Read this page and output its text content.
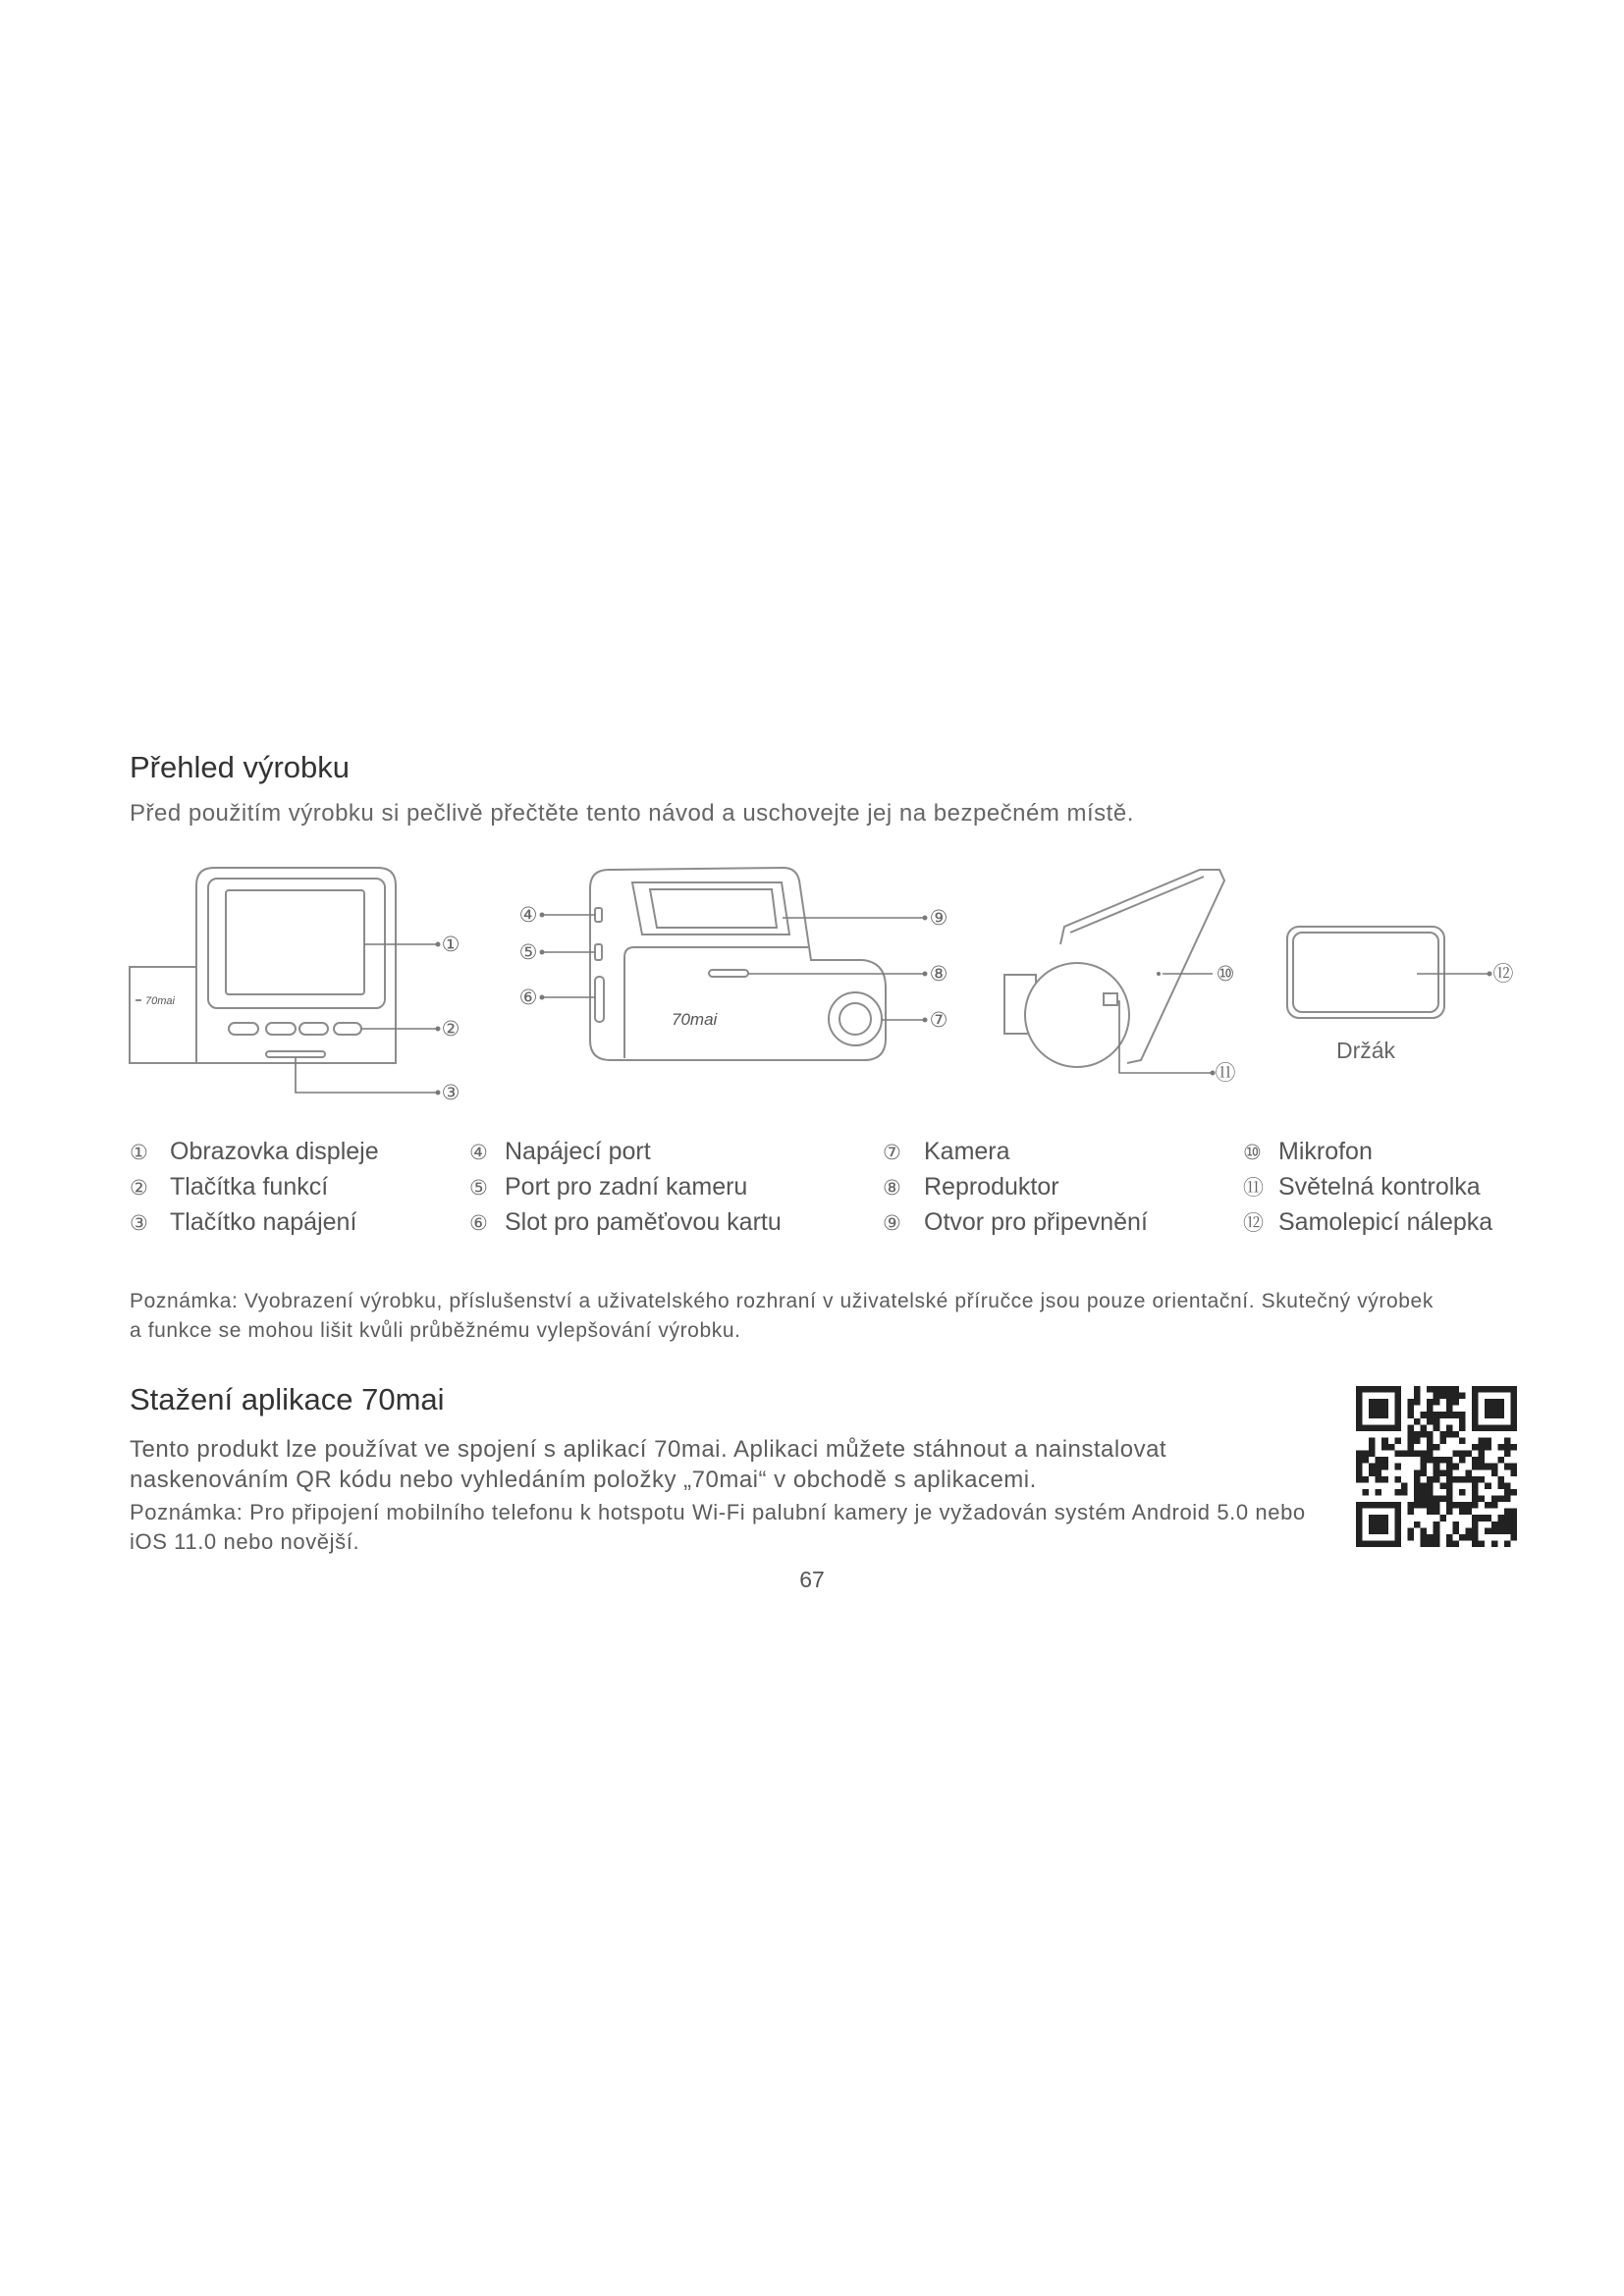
Přehled výrobku
Před použitím výrobku si pečlivě přečtěte tento návod a uschovejte jej na bezpečném místě.
70mai
①
②
③
70mai
④
⑤
⑥
⑨
⑧
⑦
⑩
⑪
⑫
Držák
① Obrazovka displeje
② Tlačítka funkcí
③ Tlačítko napájení
④ Napájecí port
⑤ Port pro zadní kameru
⑥ Slot pro paměťovou kartu
⑦ Kamera
⑧ Reproduktor
⑨ Otvor pro připevnění
⑩ Mikrofon
⑪ Světelná kontrolka
⑫ Samolepicí nálepka
Poznámka: Vyobrazení výrobku, příslušenství a uživatelského rozhraní v uživatelské příručce jsou pouze orientační. Skutečný výrobek
a funkce se mohou lišit kvůli průběžnému vylepšování výrobku.
Stažení aplikace 70mai
Tento produkt lze používat ve spojení s aplikací 70mai. Aplikaci můžete stáhnout a nainstalovat
naskenováním QR kódu nebo vyhledáním položky „70mai“ v obchodě s aplikacemi.
Poznámka: Pro připojení mobilního telefonu k hotspotu Wi-Fi palubní kamery je vyžadován systém Android 5.0 nebo
iOS 11.0 nebo novější.
67
